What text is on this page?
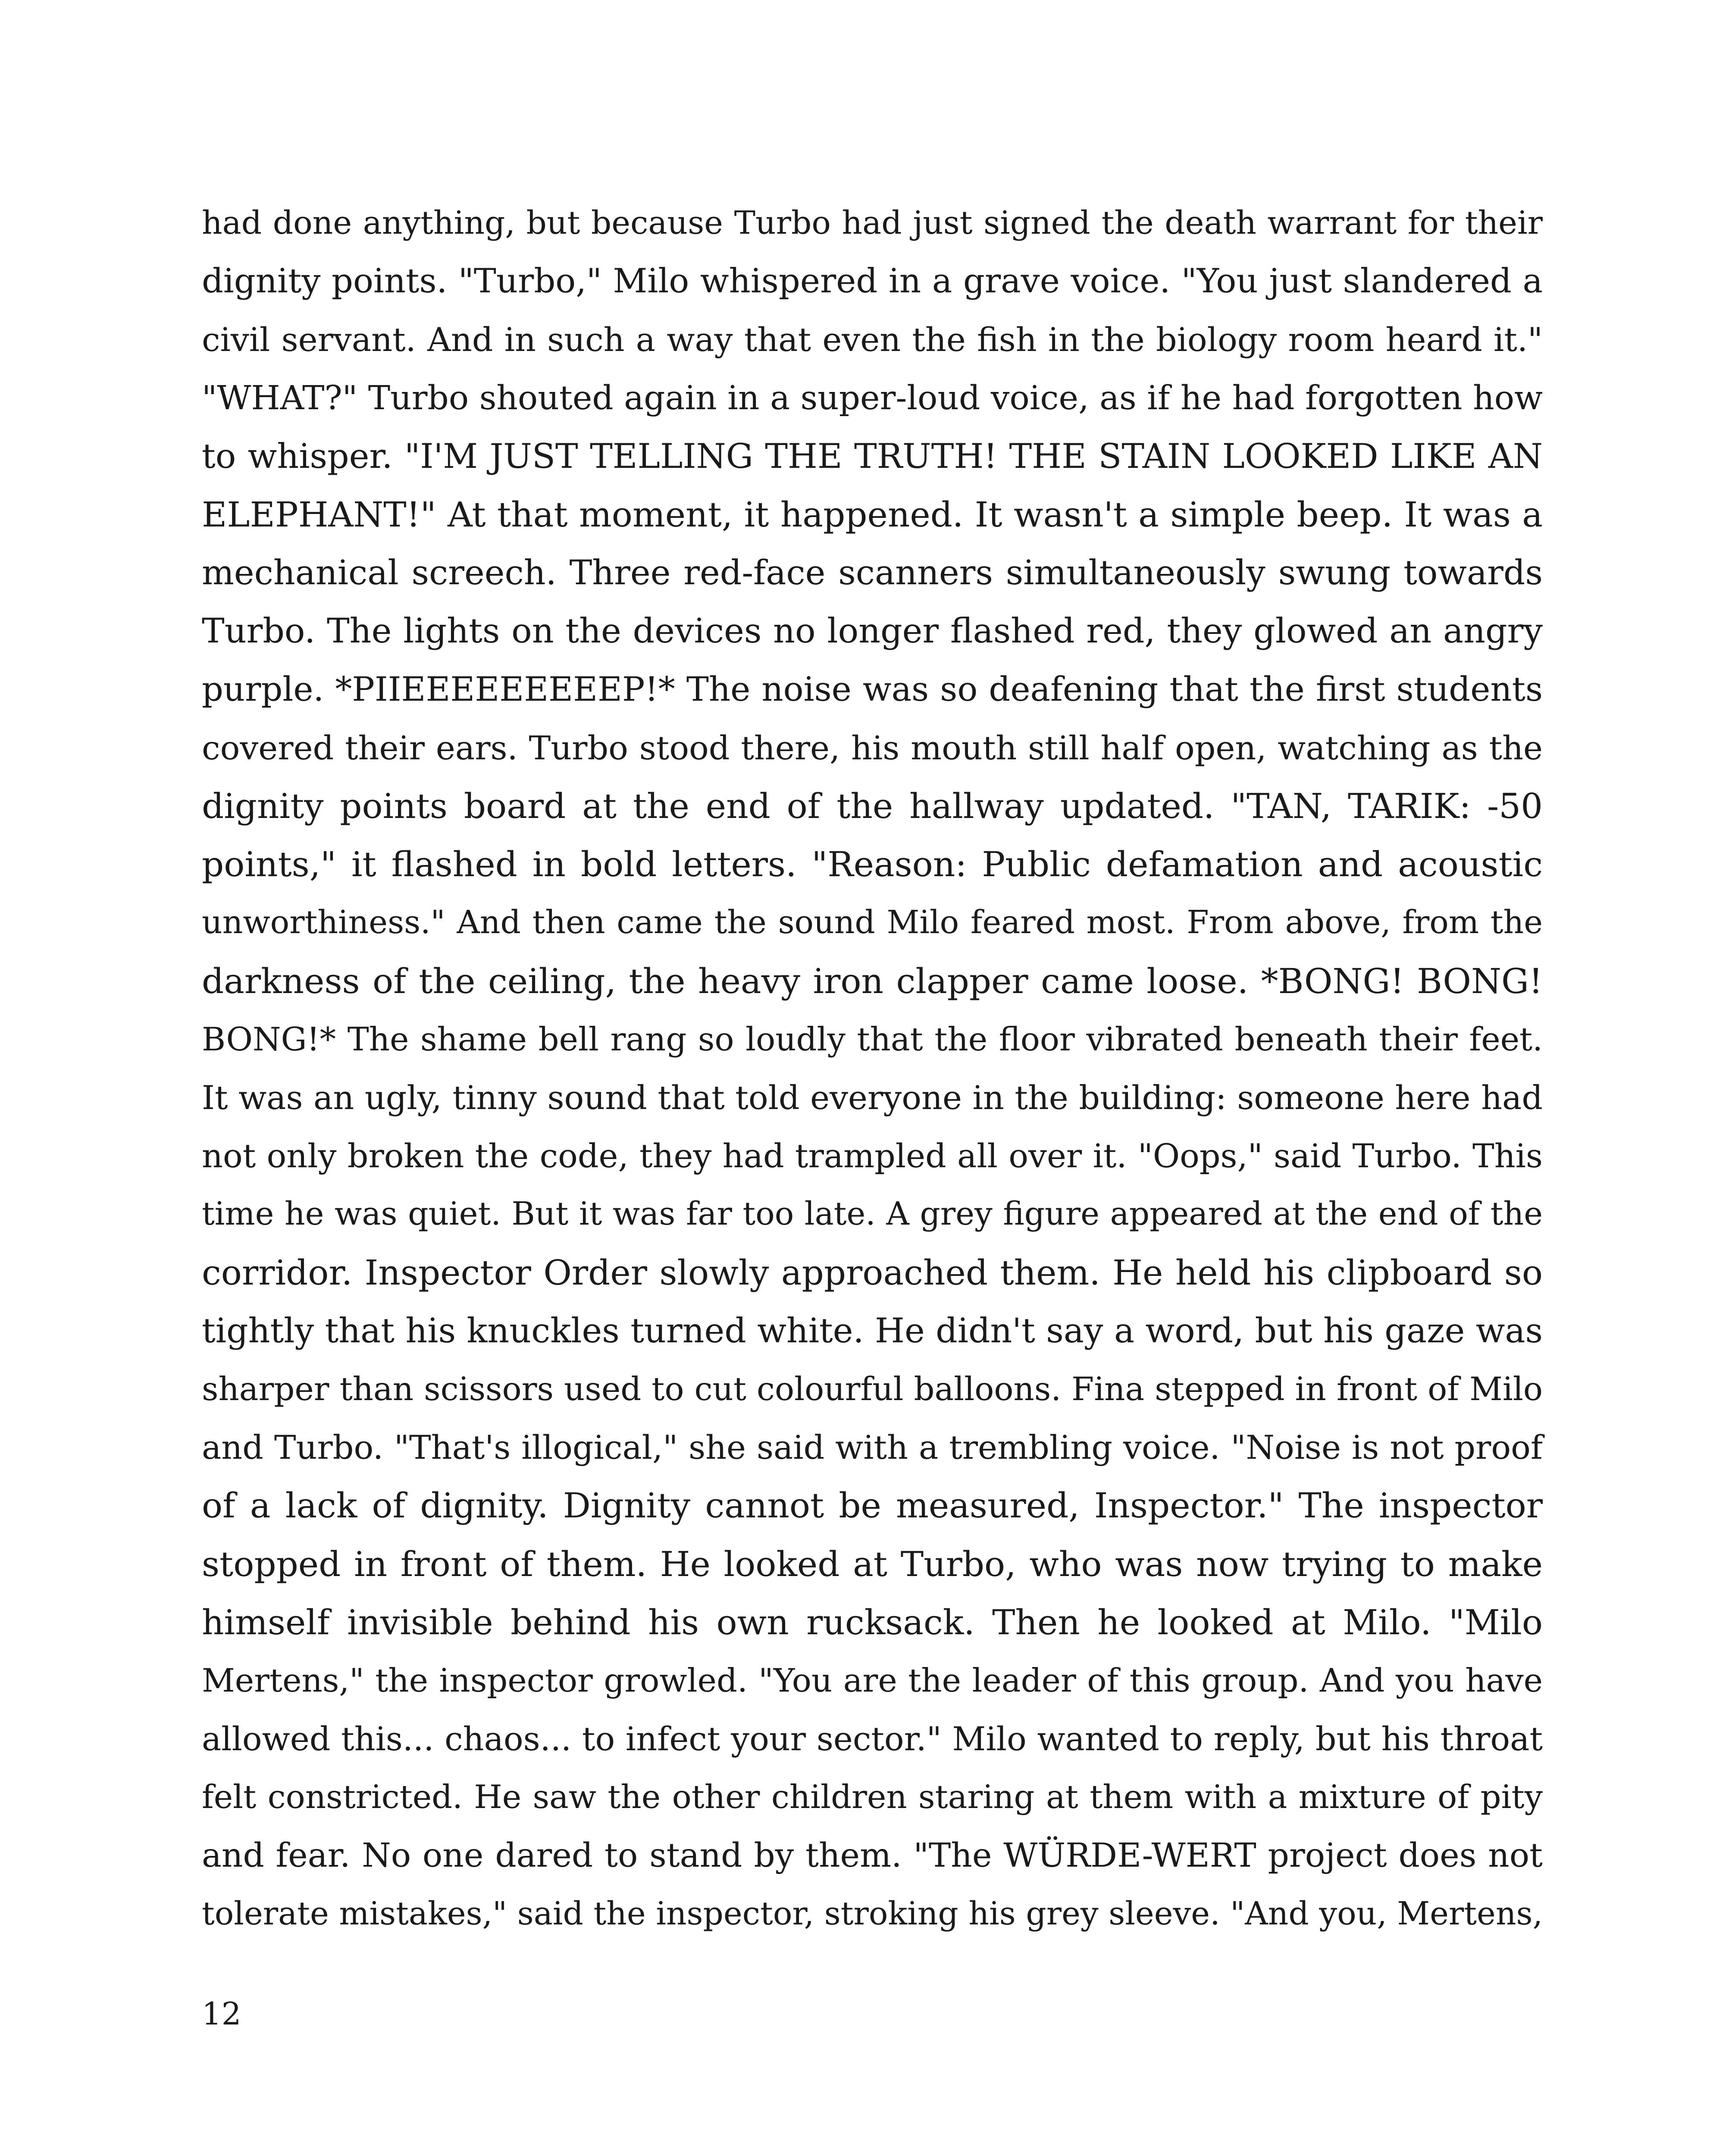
had done anything, but because Turbo had just signed the death warrant for their
dignity points. "Turbo," Milo whispered in a grave voice. "You just slandered a
civil servant. And in such a way that even the fish in the biology room heard it."
"WHAT?" Turbo shouted again in a super-loud voice, as if he had forgotten how
to whisper. "I'M JUST TELLING THE TRUTH! THE STAIN LOOKED LIKE AN
ELEPHANT!" At that moment, it happened. It wasn't a simple beep. It was a
mechanical screech. Three red-face scanners simultaneously swung towards
Turbo. The lights on the devices no longer flashed red, they glowed an angry
purple. *PIIEEEEEEEEEP!* The noise was so deafening that the first students
covered their ears. Turbo stood there, his mouth still half open, watching as the
dignity points board at the end of the hallway updated. "TAN, TARIK: -50
points," it flashed in bold letters. "Reason: Public defamation and acoustic
unworthiness." And then came the sound Milo feared most. From above, from the
darkness of the ceiling, the heavy iron clapper came loose. *BONG! BONG!
BONG!* The shame bell rang so loudly that the floor vibrated beneath their feet.
It was an ugly, tinny sound that told everyone in the building: someone here had
not only broken the code, they had trampled all over it. "Oops," said Turbo. This
time he was quiet. But it was far too late. A grey figure appeared at the end of the
corridor. Inspector Order slowly approached them. He held his clipboard so
tightly that his knuckles turned white. He didn't say a word, but his gaze was
sharper than scissors used to cut colourful balloons. Fina stepped in front of Milo
and Turbo. "That's illogical," she said with a trembling voice. "Noise is not proof
of a lack of dignity. Dignity cannot be measured, Inspector." The inspector
stopped in front of them. He looked at Turbo, who was now trying to make
himself invisible behind his own rucksack. Then he looked at Milo. "Milo
Mertens," the inspector growled. "You are the leader of this group. And you have
allowed this... chaos... to infect your sector." Milo wanted to reply, but his throat
felt constricted. He saw the other children staring at them with a mixture of pity
and fear. No one dared to stand by them. "The WÜRDE-WERT project does not
tolerate mistakes," said the inspector, stroking his grey sleeve. "And you, Mertens,
12
